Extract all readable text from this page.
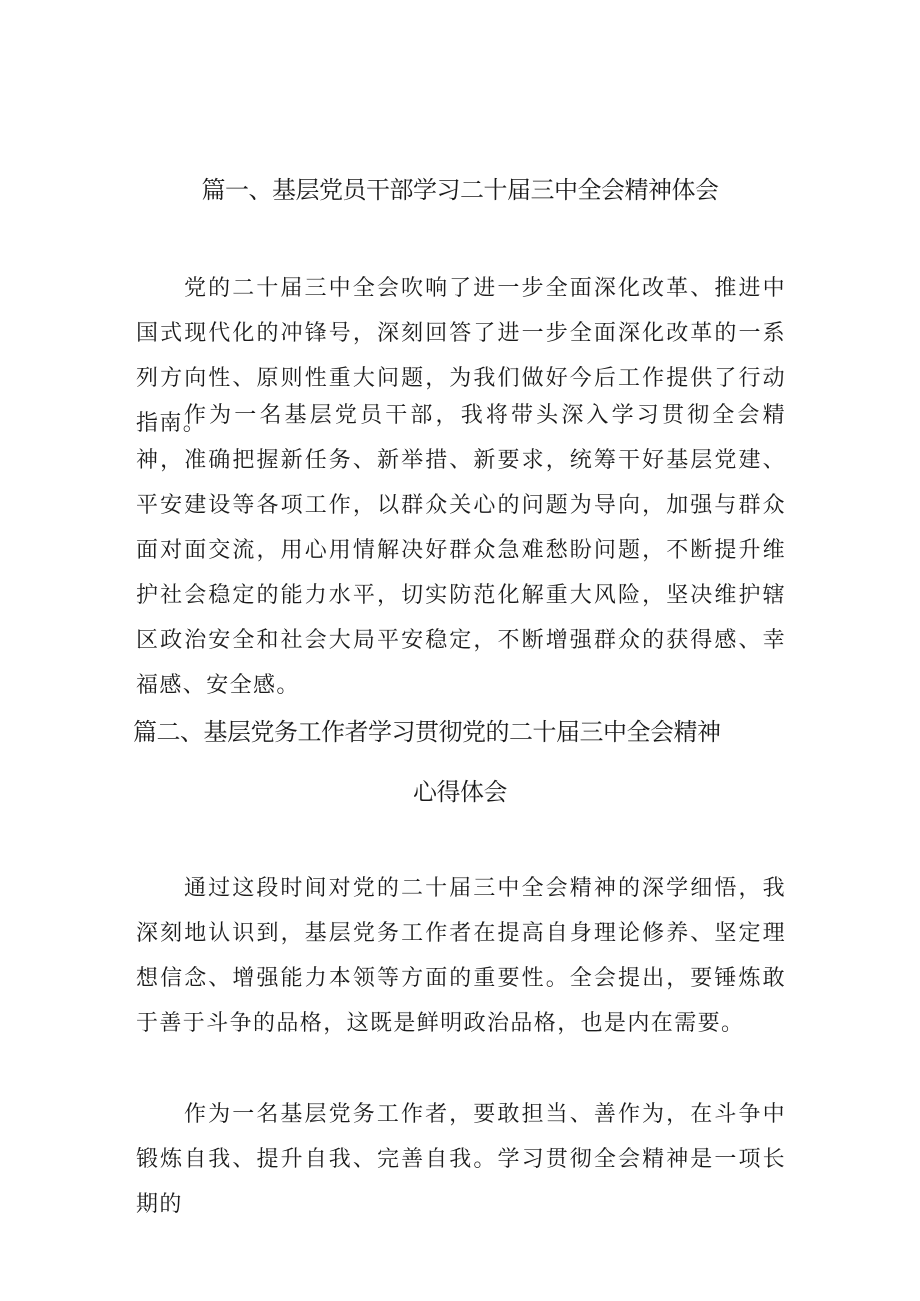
篇一、基层党员干部学习二十届三中全会精神体会

党的二十届三中全会吹响了进一步全面深化改革、推进中国式现代化的冲锋号，深刻回答了进一步全面深化改革的一系列方向性、原则性重大问题，为我们做好今后工作提供了行动指南。

作为一名基层党员干部，我将带头深入学习贯彻全会精神，准确把握新任务、新举措、新要求，统筹干好基层党建、平安建设等各项工作，以群众关心的问题为导向，加强与群众面对面交流，用心用情解决好群众急难愁盼问题，不断提升维护社会稳定的能力水平，切实防范化解重大风险，坚决维护辖区政治安全和社会大局平安稳定，不断增强群众的获得感、幸福感、安全感。

篇二、基层党务工作者学习贯彻党的二十届三中全会精神
心得体会

通过这段时间对党的二十届三中全会精神的深学细悟，我深刻地认识到，基层党务工作者在提高自身理论修养、坚定理想信念、增强能力本领等方面的重要性。全会提出，要锤炼敢于善于斗争的品格，这既是鲜明政治品格，也是内在需要。

作为一名基层党务工作者，要敢担当、善作为，在斗争中锻炼自我、提升自我、完善自我。学习贯彻全会精神是一项长期的
